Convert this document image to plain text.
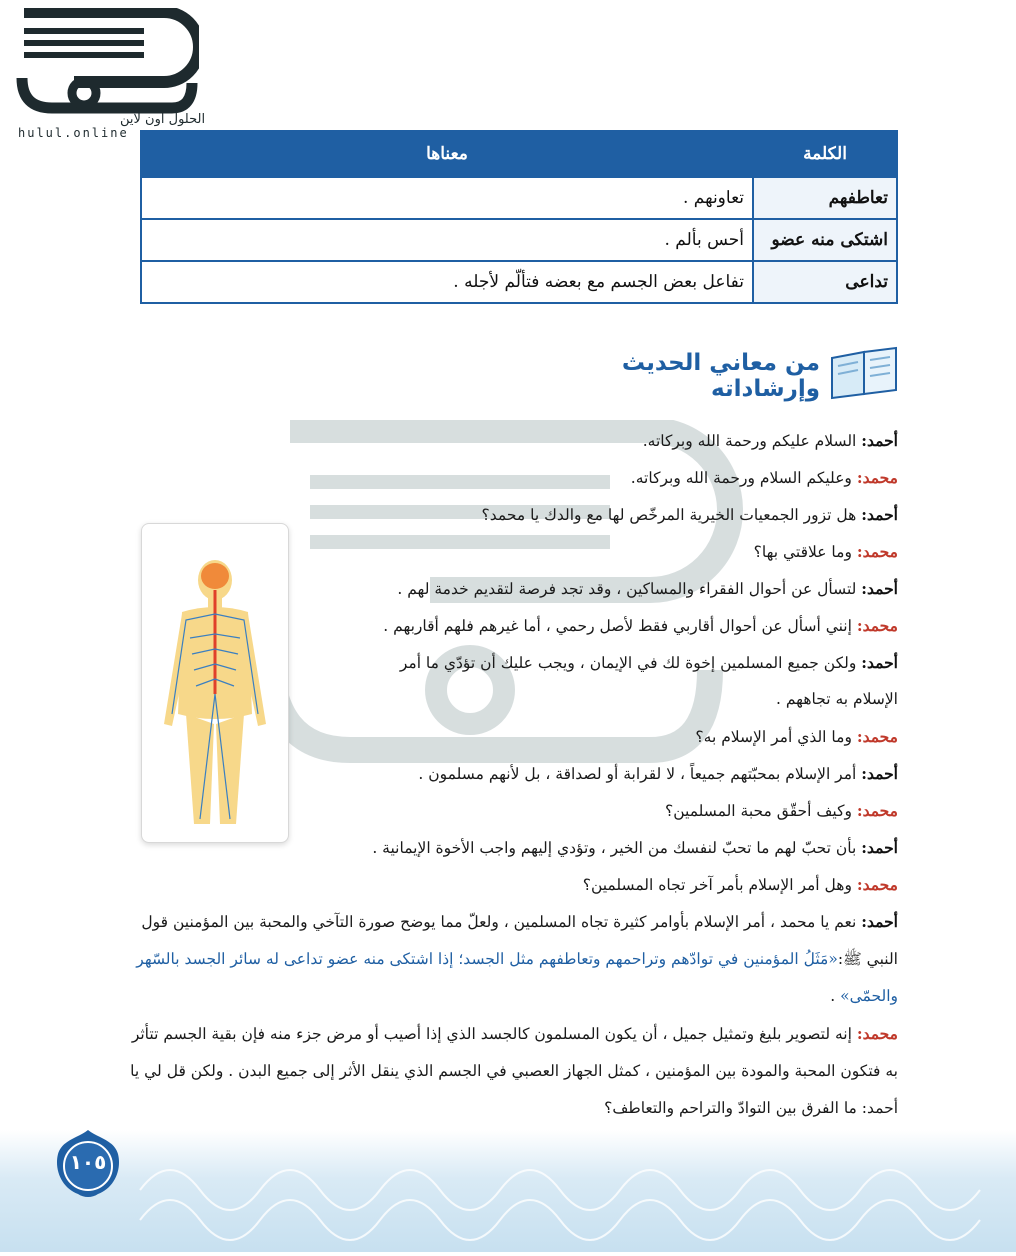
الحلول اون لاين
hulul.online
الكلمة	معناها
تعاطفهم	تعاونهم .
اشتكى منه عضو	أحس بألم .
تداعى	تفاعل بعض الجسم مع بعضه فتألّم لأجله .
من معاني الحديث وإرشاداته
أحمد: السلام عليكم ورحمة الله وبركاته.
محمد: وعليكم السلام ورحمة الله وبركاته.
أحمد: هل تزور الجمعيات الخيرية المرخّص لها مع والدك يا محمد؟
محمد: وما علاقتي بها؟
أحمد: لتسأل عن أحوال الفقراء والمساكين ، وقد تجد فرصة لتقديم خدمة لهم .
محمد: إنني أسأل عن أحوال أقاربي فقط لأصل رحمي ، أما غيرهم فلهم أقاربهم .
أحمد: ولكن جميع المسلمين إخوة لك في الإيمان ، ويجب عليك أن تؤدّي ما أمر
الإسلام به تجاههم .
محمد: وما الذي أمر الإسلام به؟
أحمد: أمر الإسلام بمحبّتهم جميعاً ، لا لقرابة أو لصداقة ، بل لأنهم مسلمون .
محمد: وكيف أحقّق محبة المسلمين؟
أحمد: بأن تحبّ لهم ما تحبّ لنفسك من الخير ، وتؤدي إليهم واجب الأخوة الإيمانية .
محمد: وهل أمر الإسلام بأمر آخر تجاه المسلمين؟
أحمد: نعم يا محمد ، أمر الإسلام بأوامر كثيرة تجاه المسلمين ، ولعلّ مما يوضح صورة التآخي والمحبة بين المؤمنين قول النبي ﷺ:«مَثَلُ المؤمنين في توادّهم وتراحمهم وتعاطفهم مثل الجسد؛ إذا اشتكى منه عضو تداعى له سائر الجسد بالسّهر والحمّى» .
محمد: إنه لتصوير بليغ وتمثيل جميل ، أن يكون المسلمون كالجسد الذي إذا أصيب أو مرض جزء منه فإن بقية الجسم تتأثر به فتكون المحبة والمودة بين المؤمنين ، كمثل الجهاز العصبي في الجسم الذي ينقل الأثر إلى جميع البدن . ولكن قل لي يا أحمد: ما الفرق بين التوادّ والتراحم والتعاطف؟
١٠٥
